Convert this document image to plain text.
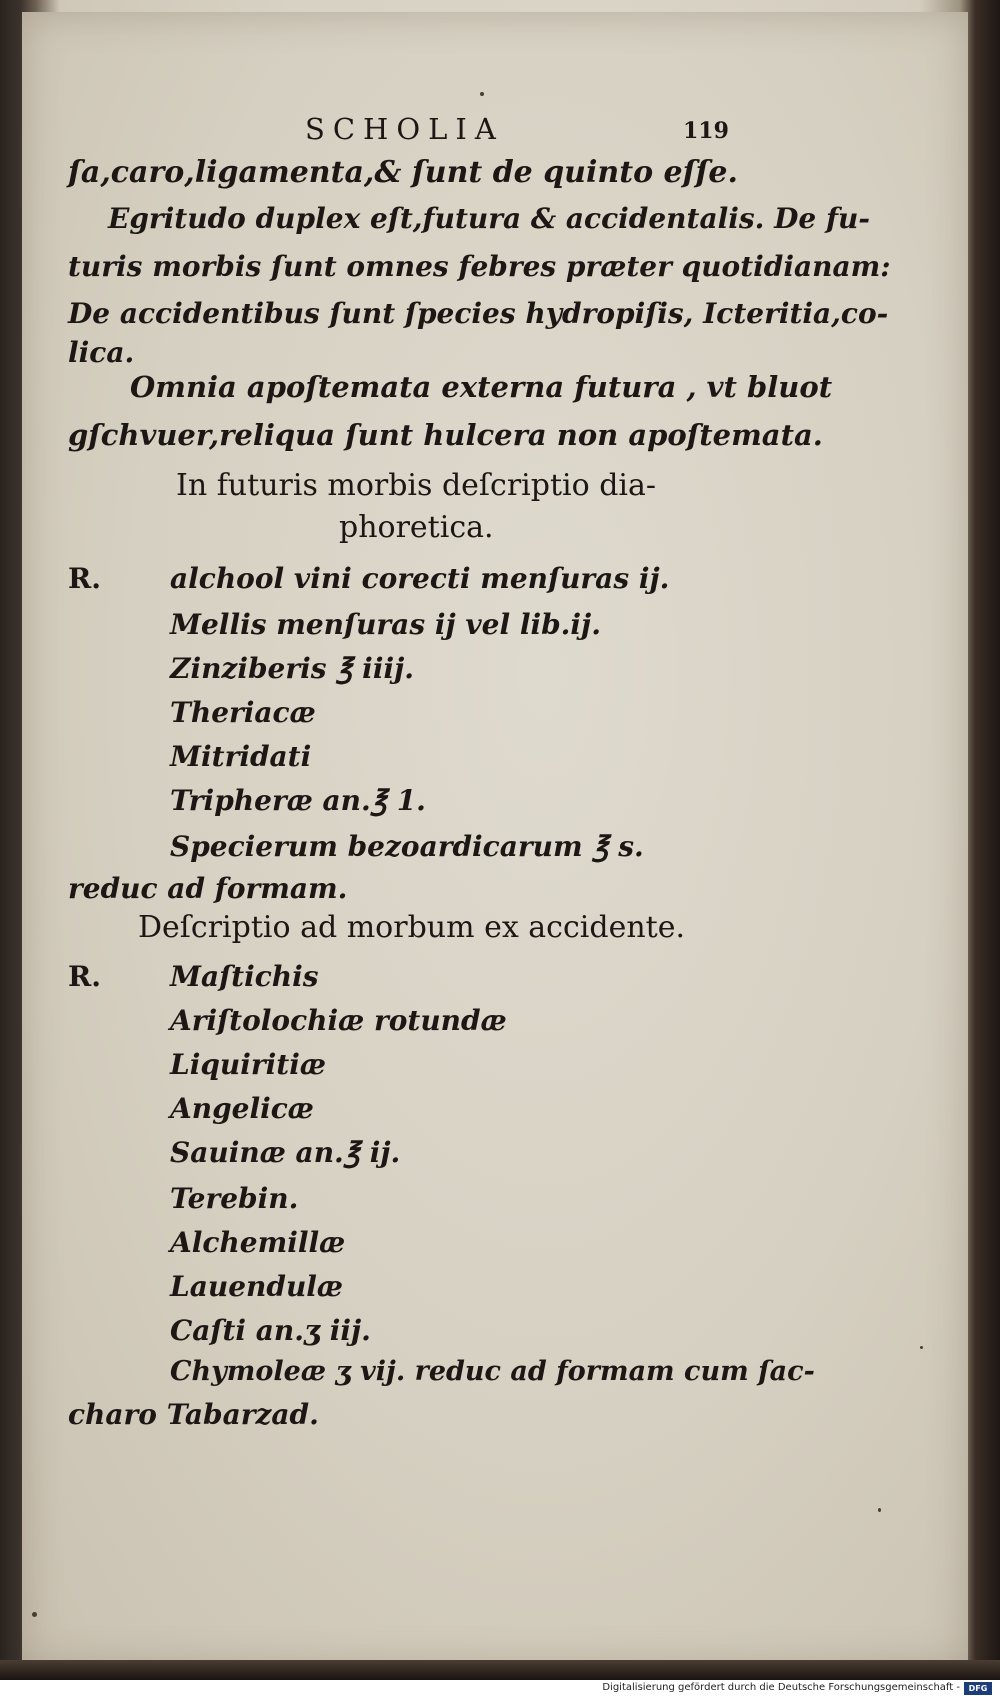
SCHOLIA	119
ſa,caro,ligamenta,& ſunt de quinto eſſe.
Egritudo duplex eſt,futura & accidentalis. De fu-
turis morbis ſunt omnes febres præter quotidianam:
De accidentibus ſunt ſpecies hydropiſis, Icteritia,co-
lica.
Omnia apoſtemata externa futura , vt bluot
gſchvuer,reliqua ſunt hulcera non apoſtemata.
In futuris morbis deſcriptio dia-
phoretica.
R. alchool vini corecti menſuras ij.
Mellis menſuras ij vel lib.ij.
Zinziberis ℥ iiij.
Theriacæ
Mitridati
Tripheræ an.℥ 1.
Specierum bezoardicarum ℥ s.
reduc ad formam.
Deſcriptio ad morbum ex accidente.
R. Maſtichis
Ariſtolochiæ rotundæ
Liquiritiæ
Angelicæ
Sauinæ an.℥ ij.
Terebin.
Alchemillæ
Lauendulæ
Caſti an.ʒ iij.
Chymoleæ ʒ vij. reduc ad formam cum ſac-
charo Tabarzad.
Digitalisierung gefördert durch die Deutsche Forschungsgemeinschaft -	DFG
